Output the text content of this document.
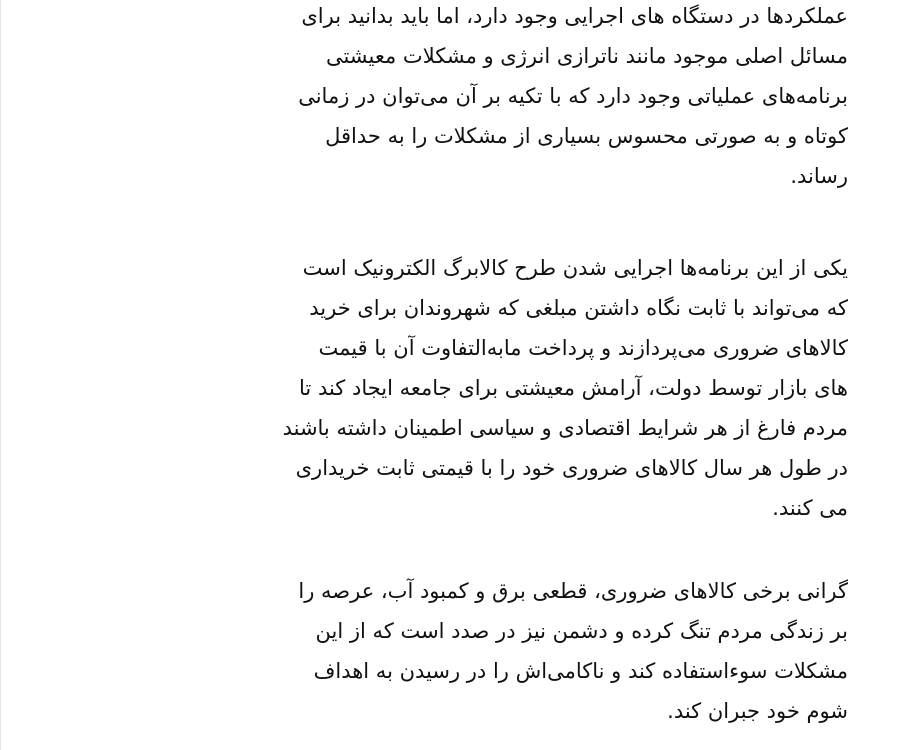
عملکردها در دستگاه های اجرایی وجود دارد، اما باید بدانید برای
مسائل اصلی موجود مانند ناترازی انرژی و مشکلات معیشتی
برنامه‌های عملیاتی وجود دارد که با تکیه بر آن می‌توان در زمانی
کوتاه و به صورتی محسوس بسیاری از مشکلات را به حداقل
رساند.

یکی از این برنامه‌ها اجرایی شدن طرح کالابرگ الکترونیک است
که می‌تواند با ثابت نگاه داشتن مبلغی که شهروندان برای خرید
کالاهای ضروری می‌پردازند و پرداخت مابه‌التفاوت آن با قیمت
های بازار توسط دولت، آرامش معیشتی برای جامعه ایجاد کند تا
مردم فارغ از هر شرایط اقتصادی و سیاسی اطمینان داشته باشند
در طول هر سال کالاهای ضروری خود را با قیمتی ثابت خریداری
می کنند.

گرانی برخی کالاهای ضروری، قطعی برق و کمبود آب، عرصه را
بر زندگی مردم تنگ کرده و دشمن نیز در صدد است که از این
مشکلات سوءاستفاده کند و ناکامی‌اش را در رسیدن به اهداف
شوم خود جبران کند.
